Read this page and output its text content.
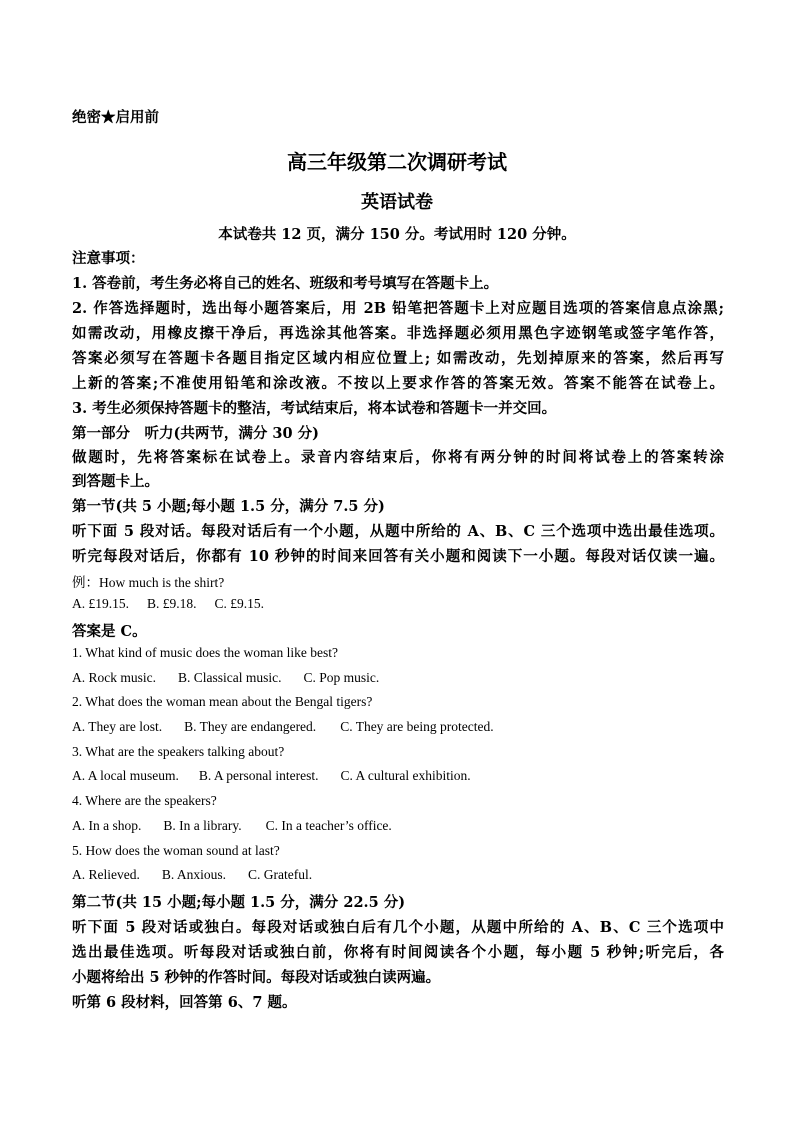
绝密★启用前
高三年级第二次调研考试
英语试卷
本试卷共 12 页，满分 150 分。考试用时 120 分钟。
注意事项：
1. 答卷前，考生务必将自己的姓名、班级和考号填写在答题卡上。
2. 作答选择题时，选出每小题答案后，用 2B 铅笔把答题卡上对应题目选项的答案信息点涂黑;
如需改动，用橡皮擦干净后，再选涂其他答案。非选择题必须用黑色字迹钢笔或签字笔作答，
答案必须写在答题卡各题目指定区域内相应位置上; 如需改动，先划掉原来的答案，然后再写
上新的答案;不准使用铅笔和涂改液。不按以上要求作答的答案无效。答案不能答在试卷上。
3. 考生必须保持答题卡的整洁，考试结束后，将本试卷和答题卡一并交回。
第一部分　听力(共两节，满分 30 分)
做题时，先将答案标在试卷上。录音内容结束后，你将有两分钟的时间将试卷上的答案转涂
到答题卡上。
第一节(共 5 小题;每小题 1.5 分，满分 7.5 分)
听下面 5 段对话。每段对话后有一个小题，从题中所给的 A、B、C 三个选项中选出最佳选项。
听完每段对话后，你都有 10 秒钟的时间来回答有关小题和阅读下一小题。每段对话仅读一遍。
例：How much is the shirt?
A. £19.15. B. £9.18. C. £9.15.
答案是 C。
1. What kind of music does the woman like best?
A. Rock music. B. Classical music. C. Pop music.
2. What does the woman mean about the Bengal tigers?
A. They are lost. B. They are endangered. C. They are being protected.
3. What are the speakers talking about?
A. A local museum. B. A personal interest. C. A cultural exhibition.
4. Where are the speakers?
A. In a shop. B. In a library. C. In a teacher’s office.
5. How does the woman sound at last?
A. Relieved. B. Anxious. C. Grateful.
第二节(共 15 小题;每小题 1.5 分，满分 22.5 分)
听下面 5 段对话或独白。每段对话或独白后有几个小题，从题中所给的 A、B、C 三个选项中
选出最佳选项。听每段对话或独白前，你将有时间阅读各个小题，每小题 5 秒钟;听完后，各
小题将给出 5 秒钟的作答时间。每段对话或独白读两遍。
听第 6 段材料，回答第 6、7 题。
